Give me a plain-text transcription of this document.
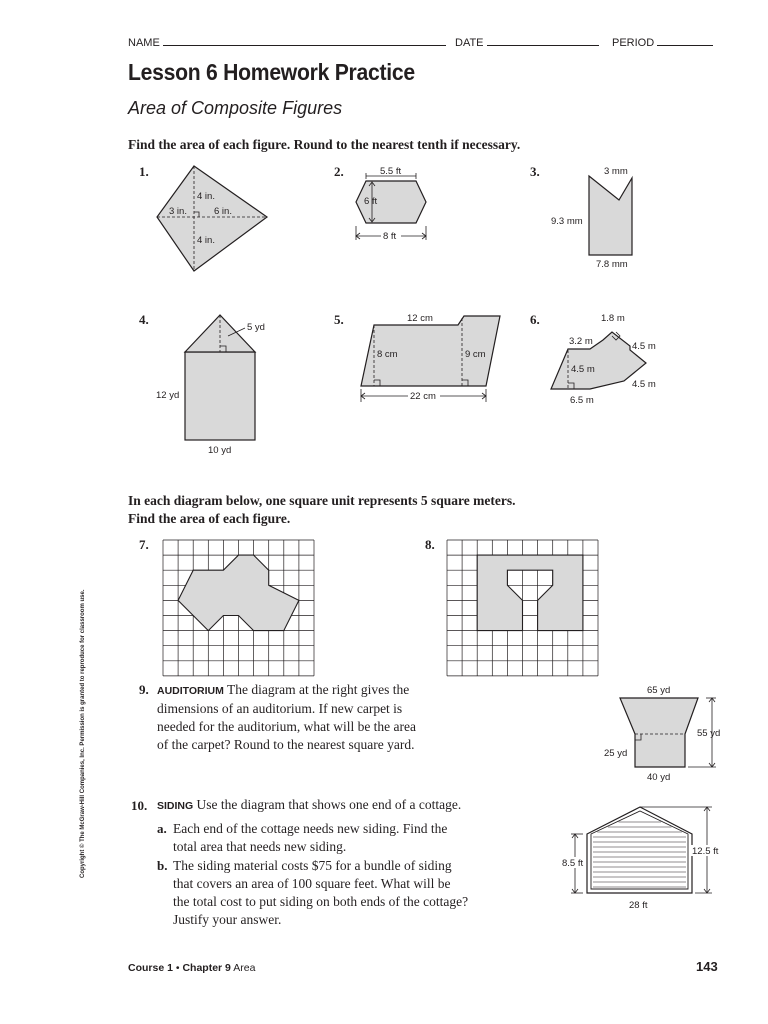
NAME	DATE	PERIOD
Lesson 6 Homework Practice
Area of Composite Figures
Find the area of each figure. Round to the nearest tenth if necessary.
1.	2.	3.
4 in.
3 in.	6 in.
4 in.
5.5 ft
6 ft
8 ft
3 mm
9.3 mm
7.8 mm
4.	5.	6.
5 yd
12 yd
10 yd
12 cm
8 cm	9 cm
22 cm
1.8 m
3.2 m	4.5 m
4.5 m
4.5 m
6.5 m
In each diagram below, one square unit represents 5 square meters.
Find the area of each figure.
7.	8.
9. AUDITORIUM The diagram at the right gives the
dimensions of an auditorium. If new carpet is
needed for the auditorium, what will be the area
of the carpet? Round to the nearest square yard.
65 yd
55 yd
25 yd
40 yd
10. SIDING Use the diagram that shows one end of a cottage.
a. Each end of the cottage needs new siding. Find the
total area that needs new siding.
b. The siding material costs $75 for a bundle of siding
that covers an area of 100 square feet. What will be
the total cost to put siding on both ends of the cottage?
Justify your answer.
8.5 ft
12.5 ft
28 ft
Copyright © The McGraw-Hill Companies, Inc. Permission is granted to reproduce for classroom use.
Course 1 • Chapter 9 Area	143
